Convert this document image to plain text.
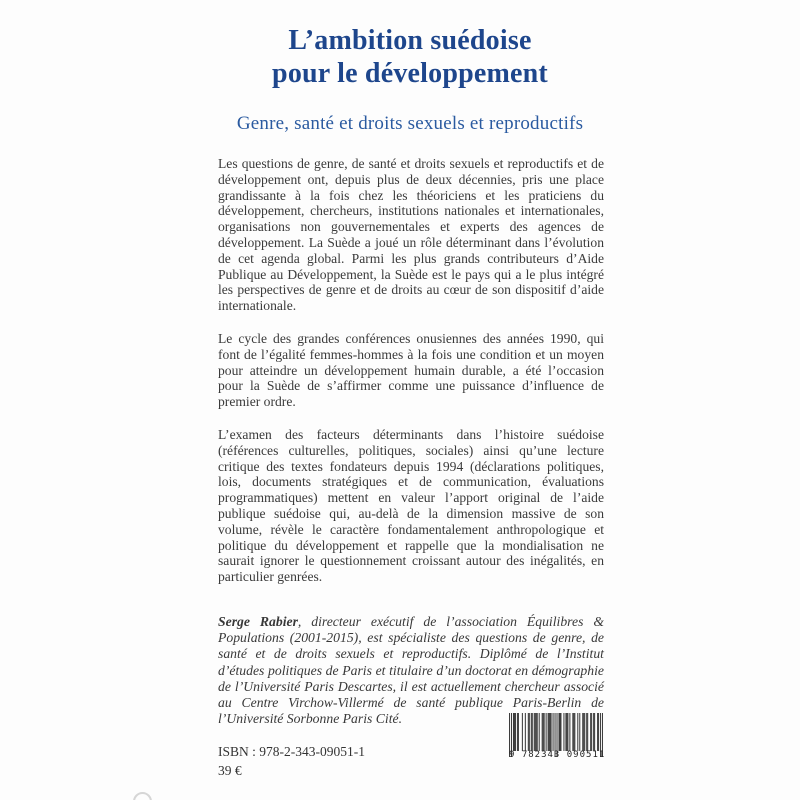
L’ambition suédoise
pour le développement
Genre, santé et droits sexuels et reproductifs

Les questions de genre, de santé et droits sexuels et reproductifs et de développement ont, depuis plus de deux décennies, pris une place grandissante à la fois chez les théoriciens et les praticiens du développement, chercheurs, institutions nationales et internationales, organisations non gouvernementales et experts des agences de développement. La Suède a joué un rôle déterminant dans l’évolution de cet agenda global. Parmi les plus grands contributeurs d’Aide Publique au Développement, la Suède est le pays qui a le plus intégré les perspectives de genre et de droits au cœur de son dispositif d’aide internationale.

Le cycle des grandes conférences onusiennes des années 1990, qui font de l’égalité femmes-hommes à la fois une condition et un moyen pour atteindre un développement humain durable, a été l’occasion pour la Suède de s’affirmer comme une puissance d’influence de premier ordre.

L’examen des facteurs déterminants dans l’histoire suédoise (références culturelles, politiques, sociales) ainsi qu’une lecture critique des textes fondateurs depuis 1994 (déclarations politiques, lois, documents stratégiques et de communication, évaluations programmatiques) mettent en valeur l’apport original de l’aide publique suédoise qui, au-delà de la dimension massive de son volume, révèle le caractère fondamentalement anthropologique et politique du développement et rappelle que la mondialisation ne saurait ignorer le questionnement croissant autour des inégalités, en particulier genrées.

Serge Rabier, directeur exécutif de l’association Équilibres & Populations (2001-2015), est spécialiste des questions de genre, de santé et de droits sexuels et reproductifs. Diplômé de l’Institut d’études politiques de Paris et titulaire d’un doctorat en démographie de l’Université Paris Descartes, il est actuellement chercheur associé au Centre Virchow-Villermé de santé publique Paris-Berlin de l’Université Sorbonne Paris Cité.

ISBN : 978-2-343-09051-1
39 €
9 782343 090511
